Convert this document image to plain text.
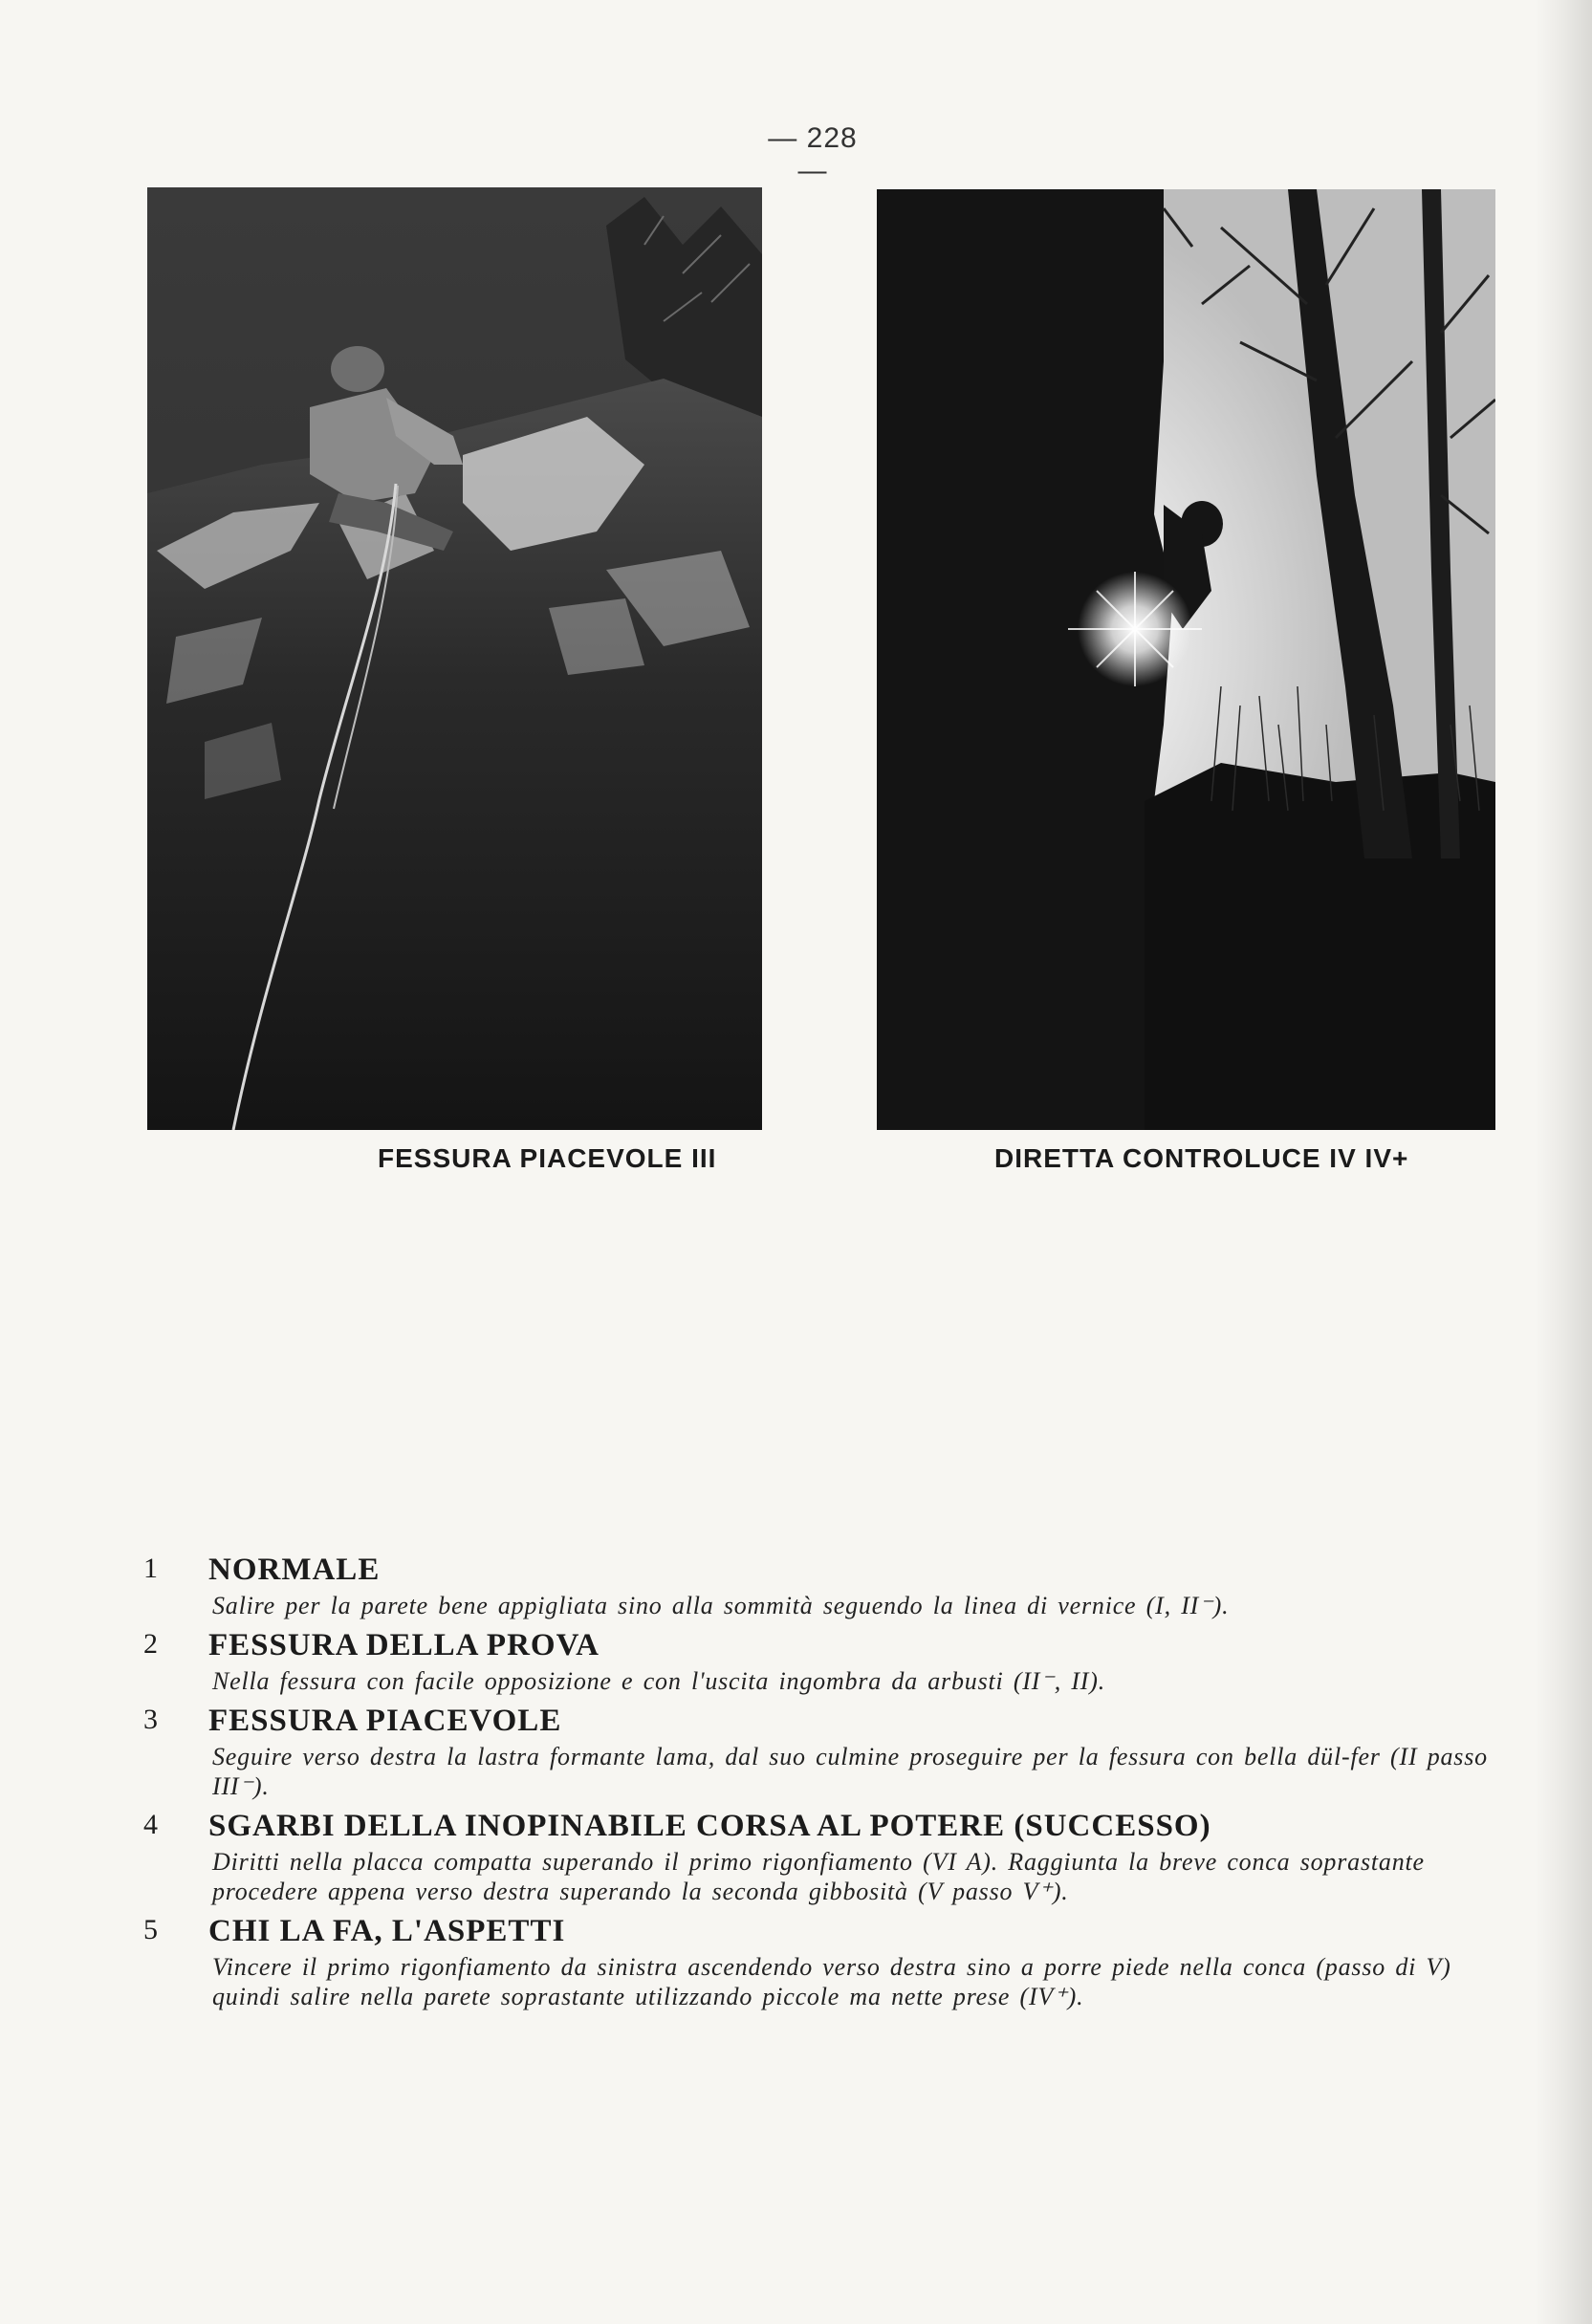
— 228 —
FESSURA PIACEVOLE III	DIRETTA CONTROLUCE IV IV+
1	NORMALE
Salire per la parete bene appigliata sino alla sommità seguendo la linea di vernice (I, II⁻).
2	FESSURA DELLA PROVA
Nella fessura con facile opposizione e con l'uscita ingombra da arbusti (II⁻, II).
3	FESSURA PIACEVOLE
Seguire verso destra la lastra formante lama, dal suo culmine proseguire per la fessura con bella dül-fer (II passo III⁻).
4	SGARBI DELLA INOPINABILE CORSA AL POTERE (SUCCESSO)
Diritti nella placca compatta superando il primo rigonfiamento (VI A). Raggiunta la breve conca soprastante procedere appena verso destra superando la seconda gibbosità (V passo V⁺).
5	CHI LA FA, L'ASPETTI
Vincere il primo rigonfiamento da sinistra ascendendo verso destra sino a porre piede nella conca (passo di V) quindi salire nella parete soprastante utilizzando piccole ma nette prese (IV⁺).
